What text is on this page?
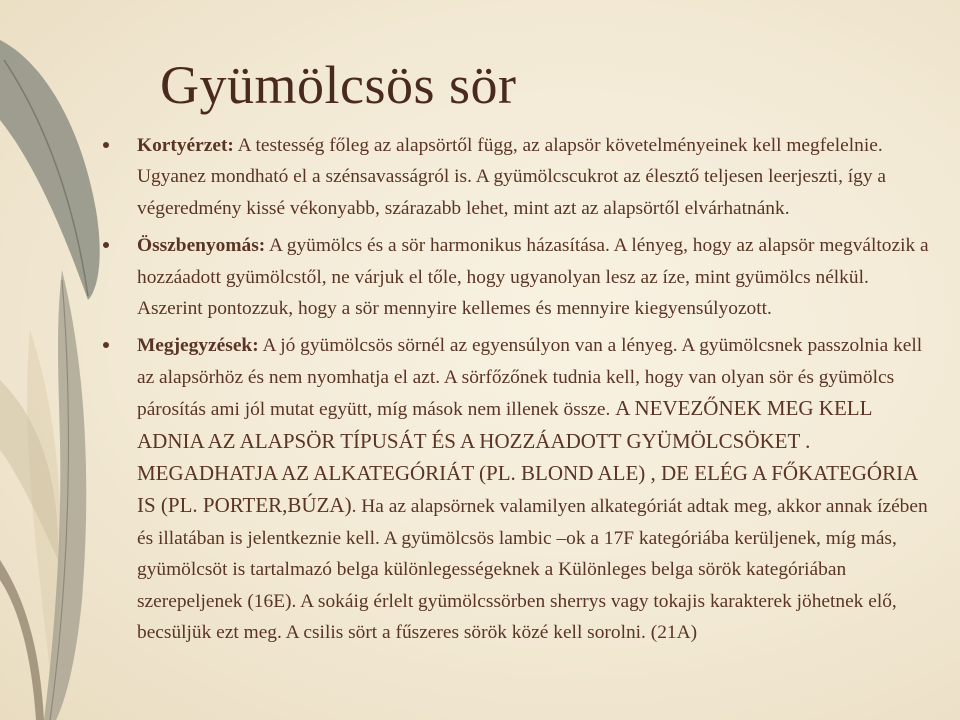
Gyümölcsös sör
Kortyérzet: A testesség főleg az alapsörtől függ, az alapsör követelményeinek kell megfelelnie. Ugyanez mondható el a szénsavasságról is. A gyümölcscukrot az élesztő teljesen leerjeszti, így a végeredmény kissé vékonyabb, szárazabb lehet, mint azt az alapsörtől elvárhatnánk.
Összbenyomás: A gyümölcs és a sör harmonikus házasítása. A lényeg, hogy az alapsör megváltozik a hozzáadott gyümölcstől, ne várjuk el tőle, hogy ugyanolyan lesz az íze, mint gyümölcs nélkül. Aszerint pontozzuk, hogy a sör mennyire kellemes és mennyire kiegyensúlyozott.
Megjegyzések: A jó gyümölcsös sörnél az egyensúlyon van a lényeg. A gyümölcsnek passzolnia kell az alapsörhöz és nem nyomhatja el azt. A sörfőzőnek tudnia kell, hogy van olyan sör és gyümölcs párosítás ami jól mutat együtt, míg mások nem illenek össze. A NEVEZŐNEK MEG KELL ADNIA AZ ALAPSÖR TÍPUSÁT ÉS A HOZZÁADOTT GYÜMÖLCSÖKET . MEGADHATJA AZ ALKATEGÓRIÁT (PL. BLOND ALE) , DE ELÉG A FŐKATEGÓRIA IS (PL. PORTER,BÚZA). Ha az alapsörnek valamilyen alkategóriát adtak meg, akkor annak ízében és illatában is jelentkeznie kell. A gyümölcsös lambic –ok a 17F kategóriába kerüljenek, míg más, gyümölcsöt is tartalmazó belga különlegességeknek a Különleges belga sörök kategóriában szerepeljenek (16E). A sokáig érlelt gyümölcssörben sherrys vagy tokajis karakterek jöhetnek elő, becsüljük ezt meg. A csilis sört a fűszeres sörök közé kell sorolni. (21A)
